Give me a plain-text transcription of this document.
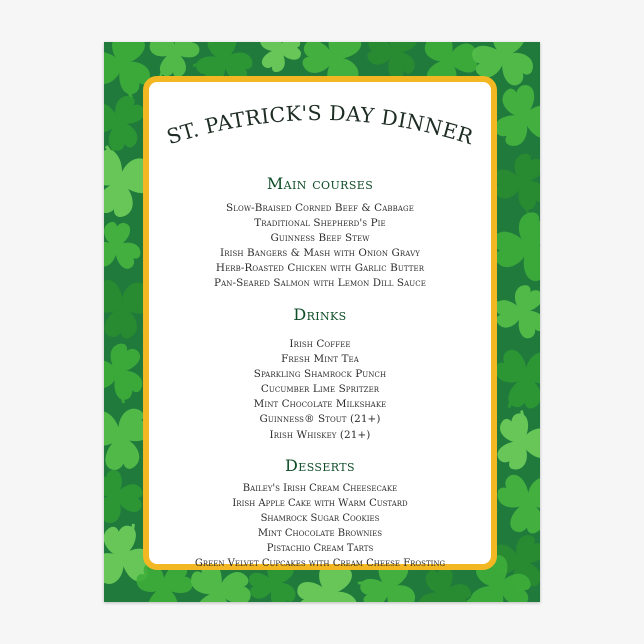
ST. PATRICK'S DAY DINNER
Main courses
Slow-Braised Corned Beef & Cabbage
Traditional Shepherd's Pie
Guinness Beef Stew
Irish Bangers & Mash with Onion Gravy
Herb-Roasted Chicken with Garlic Butter
Pan-Seared Salmon with Lemon Dill Sauce
Drinks
Irish Coffee
Fresh Mint Tea
Sparkling Shamrock Punch
Cucumber Lime Spritzer
Mint Chocolate Milkshake
Guinness® Stout (21+)
Irish Whiskey (21+)
Desserts
Bailey's Irish Cream Cheesecake
Irish Apple Cake with Warm Custard
Shamrock Sugar Cookies
Mint Chocolate Brownies
Pistachio Cream Tarts
Green Velvet Cupcakes with Cream Cheese Frosting
